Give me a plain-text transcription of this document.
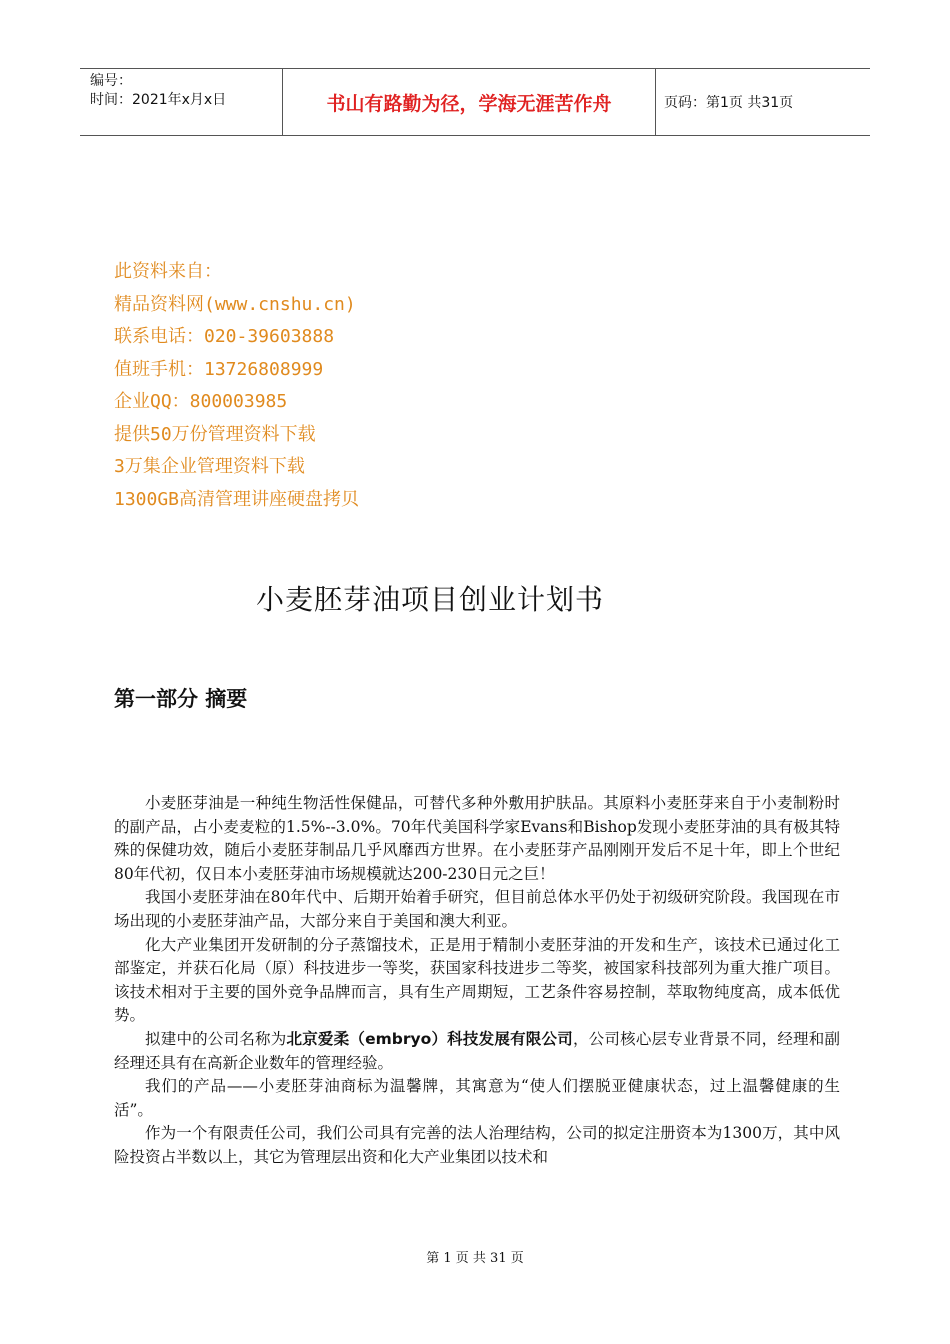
编号：
时间：2021年x月x日	书山有路勤为径，学海无涯苦作舟	页码：第1页 共31页
此资料来自：
精品资料网(www.cnshu.cn)
联系电话：020-39603888
值班手机：13726808999
企业QQ：800003985
提供50万份管理资料下载
3万集企业管理资料下载
1300GB高清管理讲座硬盘拷贝
小麦胚芽油项目创业计划书
第一部分 摘要

小麦胚芽油是一种纯生物活性保健品，可替代多种外敷用护肤品。其原料小麦胚芽来自于小麦制粉时的副产品，占小麦麦粒的1.5%--3.0%。70年代美国科学家Evans和Bishop发现小麦胚芽油的具有极其特殊的保健功效，随后小麦胚芽制品几乎风靡西方世界。在小麦胚芽产品刚刚开发后不足十年，即上个世纪80年代初，仅日本小麦胚芽油市场规模就达200-230日元之巨！

我国小麦胚芽油在80年代中、后期开始着手研究，但目前总体水平仍处于初级研究阶段。我国现在市场出现的小麦胚芽油产品，大部分来自于美国和澳大利亚。

化大产业集团开发研制的分子蒸馏技术，正是用于精制小麦胚芽油的开发和生产，该技术已通过化工部鉴定，并获石化局（原）科技进步一等奖，获国家科技进步二等奖，被国家科技部列为重大推广项目。该技术相对于主要的国外竞争品牌而言，具有生产周期短，工艺条件容易控制，萃取物纯度高，成本低优势。

拟建中的公司名称为北京爱柔（embryo）科技发展有限公司，公司核心层专业背景不同，经理和副经理还具有在高新企业数年的管理经验。

我们的产品——小麦胚芽油商标为温馨牌，其寓意为“使人们摆脱亚健康状态，过上温馨健康的生活”。

作为一个有限责任公司，我们公司具有完善的法人治理结构，公司的拟定注册资本为1300万，其中风险投资占半数以上，其它为管理层出资和化大产业集团以技术和

第 1 页 共 31 页
